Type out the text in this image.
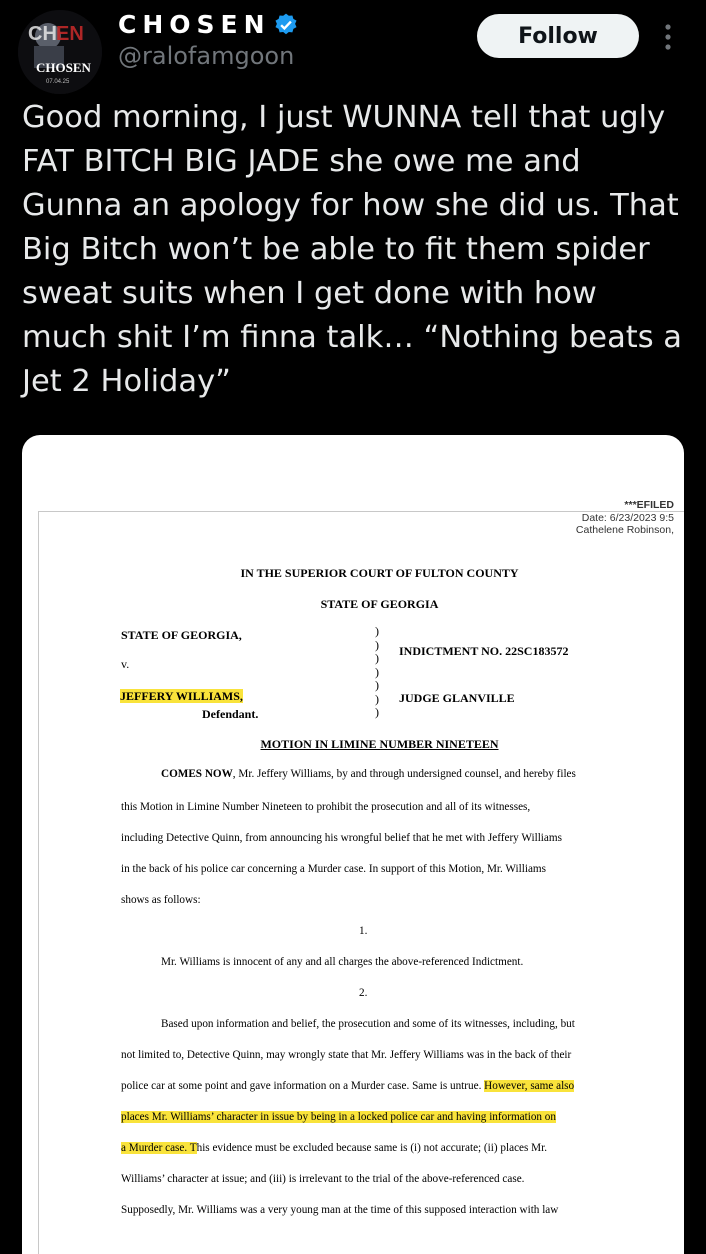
CH EN
CHOSEN
07.04.25
CHOSEN
@ralofamgoon
Follow

Good morning, I just WUNNA tell that ugly FAT BITCH BIG JADE she owe me and Gunna an apology for how she did us. That Big Bitch won’t be able to fit them spider sweat suits when I get done with how much shit I’m finna talk… “Nothing beats a Jet 2 Holiday”

***EFILED
Date: 6/23/2023 9:5
Cathelene Robinson,
IN THE SUPERIOR COURT OF FULTON COUNTY
STATE OF GEORGIA
STATE OF GEORGIA,
v.
JEFFERY WILLIAMS,
Defendant.
)
)
)
)
)
)
)
INDICTMENT NO. 22SC183572
JUDGE GLANVILLE
MOTION IN LIMINE NUMBER NINETEEN
COMES NOW, Mr. Jeffery Williams, by and through undersigned counsel, and hereby files
this Motion in Limine Number Nineteen to prohibit the prosecution and all of its witnesses,
including Detective Quinn, from announcing his wrongful belief that he met with Jeffery Williams
in the back of his police car concerning a Murder case. In support of this Motion, Mr. Williams
shows as follows:
1.
Mr. Williams is innocent of any and all charges the above-referenced Indictment.
2.
Based upon information and belief, the prosecution and some of its witnesses, including, but
not limited to, Detective Quinn, may wrongly state that Mr. Jeffery Williams was in the back of their
police car at some point and gave information on a Murder case. Same is untrue. However, same also
places Mr. Williams’ character in issue by being in a locked police car and having information on
a Murder case. This evidence must be excluded because same is (i) not accurate; (ii) places Mr.
Williams’ character at issue; and (iii) is irrelevant to the trial of the above-referenced case.
Supposedly, Mr. Williams was a very young man at the time of this supposed interaction with law
